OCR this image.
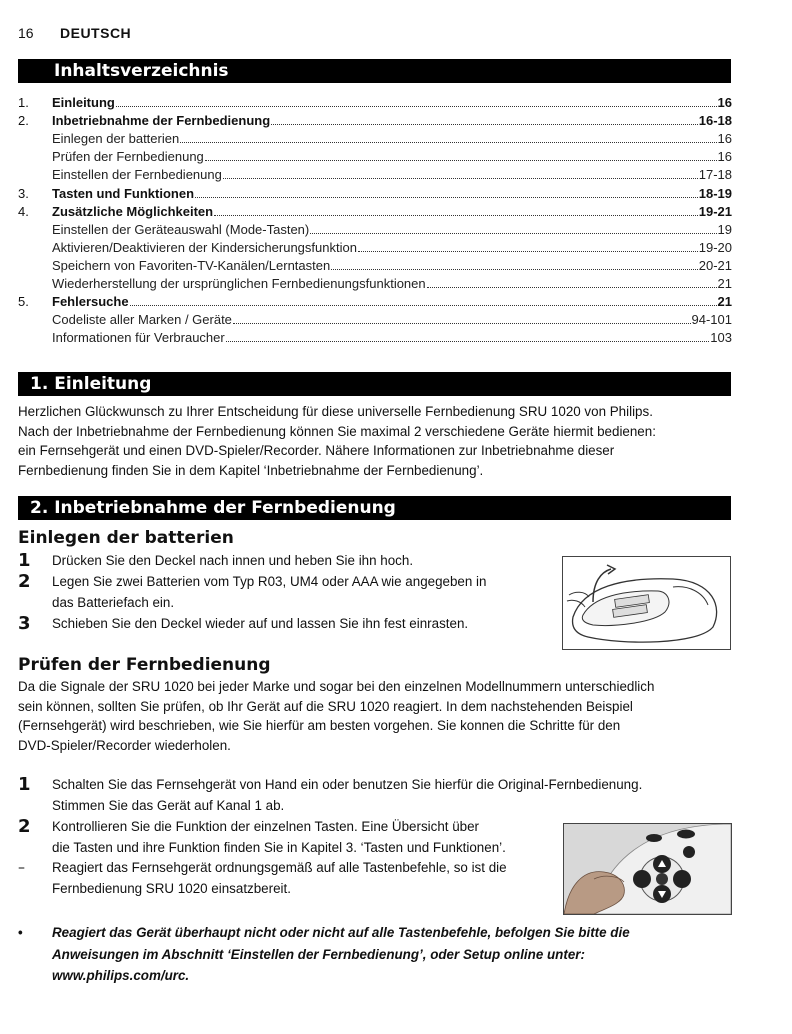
16 DEUTSCH
Inhaltsverzeichnis
1.	Einleitung	16
2.	Inbetriebnahme der Fernbedienung	16-18
Einlegen der batterien	16
Prüfen der Fernbedienung	16
Einstellen der Fernbedienung	17-18
3.	Tasten und Funktionen	18-19
4.	Zusätzliche Möglichkeiten	19-21
Einstellen der Geräteauswahl (Mode-Tasten)	19
Aktivieren/Deaktivieren der Kindersicherungsfunktion	19-20
Speichern von Favoriten-TV-Kanälen/Lerntasten	20-21
Wiederherstellung der ursprünglichen Fernbedienungsfunktionen	21
5.	Fehlersuche	21
Codeliste aller Marken / Geräte	94-101
Informationen für Verbraucher	103
1. Einleitung

Herzlichen Glückwunsch zu Ihrer Entscheidung für diese universelle Fernbedienung SRU 1020 von Philips.
Nach der Inbetriebnahme der Fernbedienung können Sie maximal 2 verschiedene Geräte hiermit bedienen:
ein Fernsehgerät und einen DVD-Spieler/Recorder. Nähere Informationen zur Inbetriebnahme dieser
Fernbedienung finden Sie in dem Kapitel ‘Inbetriebnahme der Fernbedienung’.

2. Inbetriebnahme der Fernbedienung
Einlegen der batterien
1 Drücken Sie den Deckel nach innen und heben Sie ihn hoch.
2 Legen Sie zwei Batterien vom Typ R03, UM4 oder AAA wie angegeben in
das Batteriefach ein.
3 Schieben Sie den Deckel wieder auf und lassen Sie ihn fest einrasten.
Prüfen der Fernbedienung

Da die Signale der SRU 1020 bei jeder Marke und sogar bei den einzelnen Modellnummern unterschiedlich
sein können, sollten Sie prüfen, ob Ihr Gerät auf die SRU 1020 reagiert. In dem nachstehenden Beispiel
(Fernsehgerät) wird beschrieben, wie Sie hierfür am besten vorgehen. Sie konnen die Schritte für den
DVD-Spieler/Recorder wiederholen.

1 Schalten Sie das Fernsehgerät von Hand ein oder benutzen Sie hierfür die Original-Fernbedienung.
Stimmen Sie das Gerät auf Kanal 1 ab.
2 Kontrollieren Sie die Funktion der einzelnen Tasten. Eine Übersicht über
die Tasten und ihre Funktion finden Sie in Kapitel 3. ‘Tasten und Funktionen’.
– Reagiert das Fernsehgerät ordnungsgemäß auf alle Tastenbefehle, so ist die
Fernbedienung SRU 1020 einsatzbereit.
• Reagiert das Gerät überhaupt nicht oder nicht auf alle Tastenbefehle, befolgen Sie bitte die
Anweisungen im Abschnitt ‘Einstellen der Fernbedienung’, oder Setup online unter:
www.philips.com/urc.
